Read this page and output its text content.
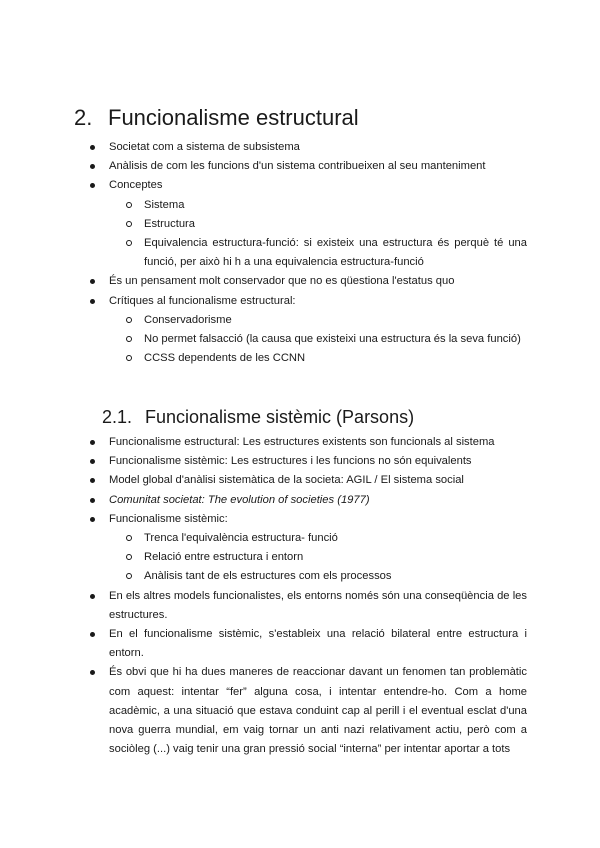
2. Funcionalisme estructural
Societat com a sistema de subsistema
Anàlisis de com les funcions d'un sistema contribueixen al seu manteniment
Conceptes
Sistema
Estructura
Equivalencia estructura-funció: si existeix una estructura és perquè té una funció, per això hi h a una equivalencia estructura-funció
És un pensament molt conservador que no es qüestiona l'estatus quo
Crítiques al funcionalisme estructural:
Conservadorisme
No permet falsacció (la causa que existeixi una estructura és la seva funció)
CCSS dependents de les CCNN
2.1. Funcionalisme sistèmic (Parsons)
Funcionalisme estructural: Les estructures existents son funcionals al sistema
Funcionalisme sistèmic: Les estructures i les funcions no són equivalents
Model global d'anàlisi sistemàtica de la societa: AGIL / El sistema social
Comunitat societat: The evolution of societies (1977)
Funcionalisme sistèmic:
Trenca l'equivalència estructura- funció
Relació entre estructura i entorn
Anàlisis tant de els estructures com els processos
En els altres models funcionalistes, els entorns només són una conseqüència de les estructures.
En el funcionalisme sistèmic, s'estableix una relació bilateral entre estructura i entorn.
És obvi que hi ha dues maneres de reaccionar davant un fenomen tan problemàtic com aquest: intentar “fer” alguna cosa, i intentar entendre-ho. Com a home acadèmic, a una situació que estava conduint cap al perill i el eventual esclat d'una nova guerra mundial, em vaig tornar un anti nazi relativament actiu, però com a sociòleg (...) vaig tenir una gran pressió social “interna” per intentar aportar a tots
